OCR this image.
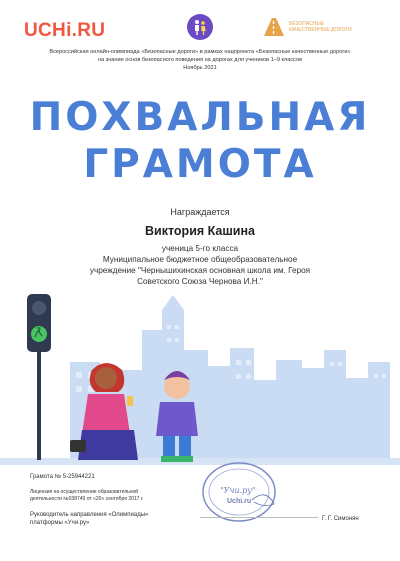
UCHi.RU	БЕЗОПАСНЫЕ КАЧЕСТВЕННЫЕ ДОРОГИ
Всероссийская онлайн-олимпиада «Безопасные дороги» в рамках нацпроекта «Безопасные качественные дороги»
на знание основ безопасного поведения на дорогах для учеников 1–9 классов
Ноябрь 2021
ПОХВАЛЬНАЯ
ГРАМОТА
Награждается
Виктория Кашина
ученица 5-го класса
Муниципальное бюджетное общеобразовательное
учреждение "Чернышихинская основная школа им. Героя
Советского Союза Чернова И.Н."
Грамота № 5-25944221
Лицензия на осуществление образовательной
деятельности №038749 от «20» сентября 2017 г.
Руководитель направления «Олимпиады»
платформы «Учи.ру»
"Учи.ру"
Uchi.ru
Г. Г. Симонян
